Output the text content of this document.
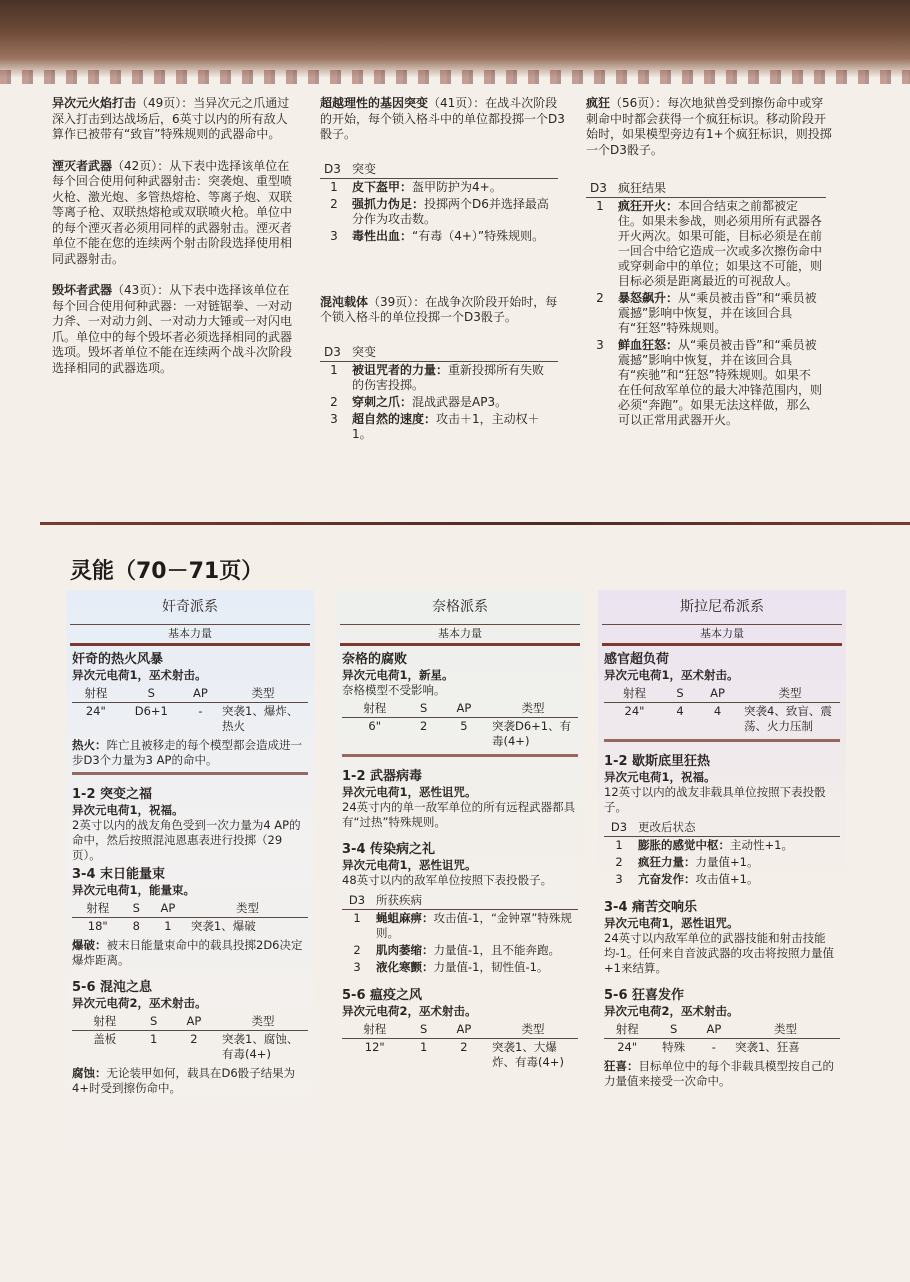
异次元火焰打击（49页）：当异次元之爪通过深入打击到达战场后，6英寸以内的所有敌人算作已被带有“致盲”特殊规则的武器命中。
湮灭者武器（42页）：从下表中选择该单位在每个回合使用何种武器射击：突袭炮、重型喷火枪、激光炮、多管热熔枪、等离子炮、双联等离子枪、双联热熔枪或双联喷火枪。单位中的每个湮灭者必须用同样的武器射击。湮灭者单位不能在您的连续两个射击阶段选择使用相同武器射击。
毁坏者武器（43页）：从下表中选择该单位在每个回合使用何种武器：一对链锯拳、一对动力斧、一对动力剑、一对动力大锤或一对闪电爪。单位中的每个毁坏者必须选择相同的武器选项。毁坏者单位不能在连续两个战斗次阶段选择相同的武器选项。
超越理性的基因突变（41页）：在战斗次阶段的开始，每个锁入格斗中的单位都投掷一个D3骰子。
D3	突变
1	皮下盔甲：盔甲防护为4+。
2	强抓力伪足：投掷两个D6并选择最高分作为攻击数。
3	毒性出血：“有毒（4+）”特殊规则。
混沌载体（39页）：在战争次阶段开始时，每个锁入格斗的单位投掷一个D3骰子。
D3	突变
1	被诅咒者的力量：重新投掷所有失败的伤害投掷。
2	穿刺之爪：混战武器是AP3。
3	超自然的速度：攻击＋1，主动权＋1。
疯狂（56页）：每次地狱兽受到擦伤命中或穿刺命中时都会获得一个疯狂标识。移动阶段开始时，如果模型旁边有1+个疯狂标识，则投掷一个D3骰子。
D3	疯狂结果
1	疯狂开火：本回合结束之前都被定住。如果未参战，则必须用所有武器各开火两次。如果可能，目标必须是在前一回合中给它造成一次或多次擦伤命中或穿刺命中的单位；如果这不可能，则目标必须是距离最近的可视敌人。
2	暴怒飙升：从“乘员被击昏”和“乘员被震撼”影响中恢复，并在该回合具有“狂怒”特殊规则。
3	鲜血狂怒：从“乘员被击昏”和“乘员被震撼”影响中恢复，并在该回合具有“疾驰”和“狂怒”特殊规则。如果不在任何敌军单位的最大冲锋范围内，则必须“奔跑”。如果无法这样做，那么可以正常用武器开火。
灵能（70－71页）
奸奇派系
基本力量
奸奇的热火风暴
异次元电荷1，巫术射击。
射程	S	AP	类型
24"	D6+1	-	突袭1、爆炸、热火
热火：阵亡且被移走的每个模型都会造成进一步D3个力量为3 AP的命中。
1-2 突变之福
异次元电荷1，祝福。
2英寸以内的战友角色受到一次力量为4 AP的命中，然后按照混沌恩惠表进行投掷（29页）。
3-4 末日能量束
异次元电荷1，能量束。
射程	S	AP	类型
18"	8	1	突袭1、爆破
爆破：被末日能量束命中的载具投掷2D6决定爆炸距离。
5-6 混沌之息
异次元电荷2，巫术射击。
射程	S	AP	类型
盖板	1	2	突袭1、腐蚀、有毒(4+)
腐蚀：无论装甲如何，载具在D6骰子结果为4+时受到擦伤命中。
奈格派系
基本力量
奈格的腐败
异次元电荷1，新星。
奈格模型不受影响。
射程	S	AP	类型
6"	2	5	突袭D6+1、有毒(4+)
1-2 武器病毒
异次元电荷1，恶性诅咒。
24英寸内的单一敌军单位的所有远程武器都具有“过热”特殊规则。
3-4 传染病之礼
异次元电荷1，恶性诅咒。
48英寸以内的敌军单位按照下表投骰子。
D3	所获疾病
1	蝇蛆麻痹：攻击值-1，“金钟罩”特殊规则。
2	肌肉萎缩：力量值-1，且不能奔跑。
3	液化寒颤：力量值-1，韧性值-1。
5-6 瘟疫之风
异次元电荷2，巫术射击。
射程	S	AP	类型
12"	1	2	突袭1、大爆炸、有毒(4+)
斯拉尼希派系
基本力量
感官超负荷
异次元电荷1，巫术射击。
射程	S	AP	类型
24"	4	4	突袭4、致盲、震荡、火力压制
1-2 歇斯底里狂热
异次元电荷1，祝福。
12英寸以内的战友非载具单位按照下表投骰子。
D3	更改后状态
1	膨胀的感觉中枢：主动性+1。
2	疯狂力量：力量值+1。
3	亢奋发作：攻击值+1。
3-4 痛苦交响乐
异次元电荷1，恶性诅咒。
24英寸以内敌军单位的武器技能和射击技能均-1。任何来自音波武器的攻击将按照力量值+1来结算。
5-6 狂喜发作
异次元电荷2，巫术射击。
射程	S	AP	类型
24"	特殊	-	突袭1、狂喜
狂喜：目标单位中的每个非载具模型按自己的力量值来接受一次命中。
